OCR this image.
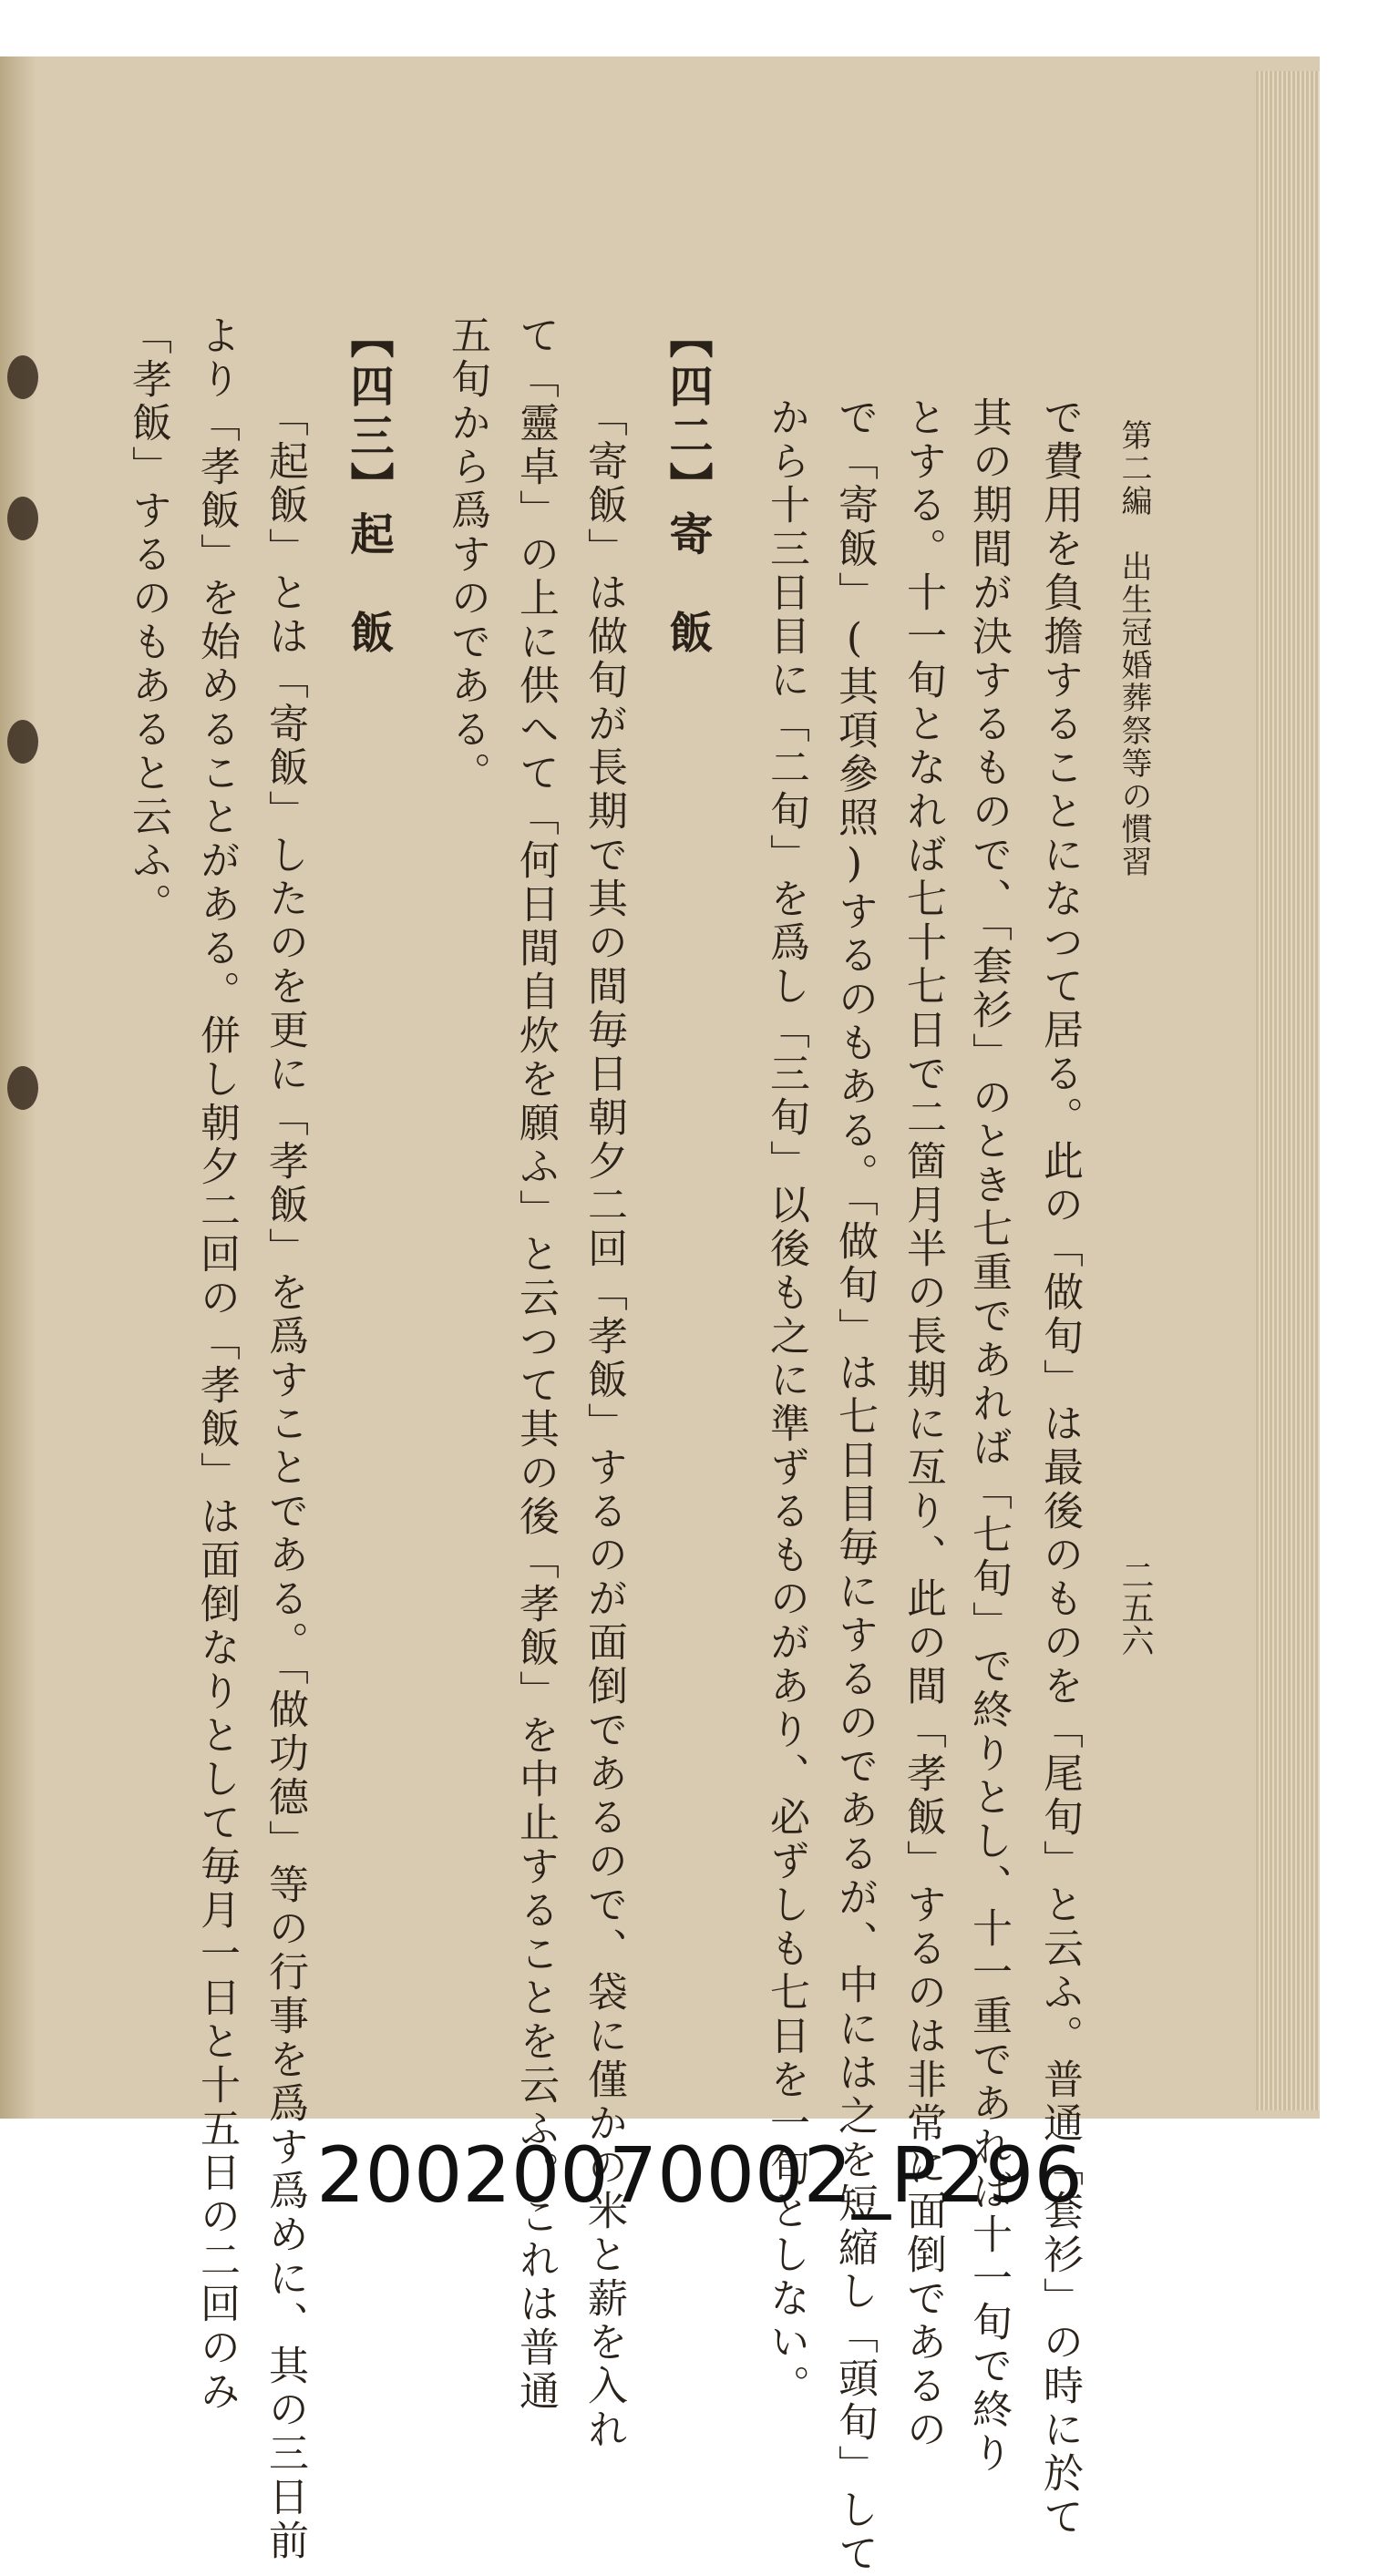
第二編　出生冠婚葬祭等の慣習
二五六
で費用を負擔することになつて居る。此の「做旬」は最後のものを「尾旬」と云ふ。普通「套衫」の時に於て
其の期間が決するもので、「套衫」のとき七重であれば「七旬」で終りとし、十一重であれば十一旬で終り
とする。十一旬となれば七十七日で二箇月半の長期に亙り、此の間「孝飯」するのは非常に面倒であるの
で「寄飯」(其項參照)するのもある。「做旬」は七日目毎にするのであるが、中には之を短縮し「頭旬」して
から十三日目に「二旬」を爲し「三旬」以後も之に準ずるものがあり、必ずしも七日を一旬としない。
【四二】寄　飯
「寄飯」は做旬が長期で其の間毎日朝夕二回「孝飯」するのが面倒であるので、袋に僅かの米と薪を入れ
て「靈卓」の上に供へて「何日間自炊を願ふ」と云つて其の後「孝飯」を中止することを云ふ。これは普通
五旬から爲すのである。
【四三】起　飯
「起飯」とは「寄飯」したのを更に「孝飯」を爲すことである。「做功德」等の行事を爲す爲めに、其の三日前
より「孝飯」を始めることがある。併し朝夕二回の「孝飯」は面倒なりとして毎月一日と十五日の二回のみ
「孝飯」するのもあると云ふ。
20020070002_P296
